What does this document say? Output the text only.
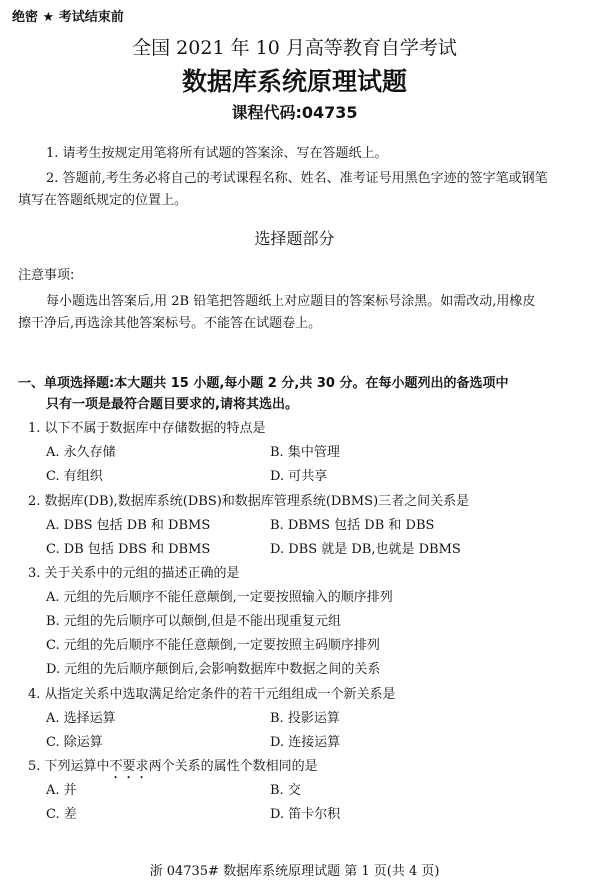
绝密 ★ 考试结束前
全国 2021 年 10 月高等教育自学考试
数据库系统原理试题
课程代码:04735
1. 请考生按规定用笔将所有试题的答案涂、写在答题纸上。
2. 答题前,考生务必将自己的考试课程名称、姓名、准考证号用黑色字迹的签字笔或钢笔
填写在答题纸规定的位置上。
选择题部分
注意事项:
每小题选出答案后,用 2B 铅笔把答题纸上对应题目的答案标号涂黑。如需改动,用橡皮
擦干净后,再选涂其他答案标号。不能答在试题卷上。
一、单项选择题:本大题共 15 小题,每小题 2 分,共 30 分。在每小题列出的备选项中
只有一项是最符合题目要求的,请将其选出。
1. 以下不属于数据库中存储数据的特点是
A. 永久存储	B. 集中管理
C. 有组织	D. 可共享
2. 数据库(DB),数据库系统(DBS)和数据库管理系统(DBMS)三者之间关系是
A. DBS 包括 DB 和 DBMS	B. DBMS 包括 DB 和 DBS
C. DB 包括 DBS 和 DBMS	D. DBS 就是 DB,也就是 DBMS
3. 关于关系中的元组的描述正确的是
A. 元组的先后顺序不能任意颠倒,一定要按照输入的顺序排列
B. 元组的先后顺序可以颠倒,但是不能出现重复元组
C. 元组的先后顺序不能任意颠倒,一定要按照主码顺序排列
D. 元组的先后顺序颠倒后,会影响数据库中数据之间的关系
4. 从指定关系中选取满足给定条件的若干元组组成一个新关系是
A. 选择运算	B. 投影运算
C. 除运算	D. 连接运算
5. 下列运算中不要求两个关系的属性个数相同的是
A. 并	B. 交
C. 差	D. 笛卡尔积
浙 04735# 数据库系统原理试题 第 1 页(共 4 页)
